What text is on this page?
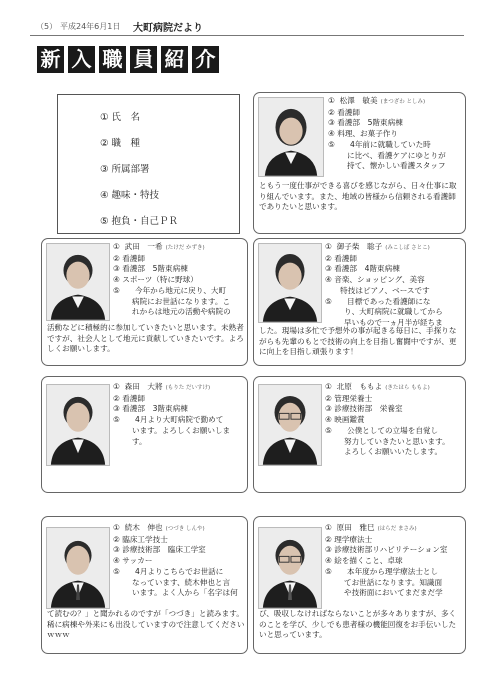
（5） 平成24年6月1日 大町病院だより
新 入 職 員 紹 介
① 氏　名
② 職　種
③ 所属部署
④ 趣味・特技
⑤ 抱負・自己ＰＲ
① 松澤　敏美 (まつざわ としみ)
② 看護師
③ 看護部　5階東病棟
④ 料理、お菓子作り
⑤　　4年前に就職していた時
に比べ、看護ケアにゆとりが
持て、懐かしい看護スタッフ
ともう一度仕事ができる喜びを感じながら、日々仕事に取り組んでいます。また、地域の皆様から信頼される看護師でありたいと思います。
① 武田　一希 (たけだ かずき)
② 看護師
③ 看護部　5階東病棟
④ スポーツ（特に野球）
⑤　　今年から地元に戻り、大町
病院にお世話になります。こ
れからは地元の活動や病院の
活動などに積極的に参加していきたいと思います。未熟者ですが、社会人として地元に貢献していきたいです。よろしくお願いします。
① 御子柴　聡子 (みこしば さとこ)
② 看護師
③ 看護部　4階東病棟
④ 音楽、ショッピング、美容
　　特技はピアノ、ベースです
⑤　　目標であった看護師にな
り、大町病院に就職してから
早いもので一ヵ月半が経ちま
した。現場は多忙で予想外の事が起きる毎日に、手探りながらも先輩のもとで技術の向上を目指し奮闘中ですが、更に向上を目指し頑張ります！
① 森田　大將 (もりた だいすけ)
② 看護師
③ 看護部　3階東病棟
⑤　　4月より大町病院で勤めて
います。よろしくお願いしま
す。
① 北原　ももよ (きたはら ももよ)
② 管理栄養士
③ 診療技術部　栄養室
④ 映画鑑賞
⑤　　公僕としての立場を自覚し
努力していきたいと思います。
よろしくお願いいたします。
① 続木　伸也 (つづき しんや)
② 臨床工学技士
③ 診療技術部　臨床工学室
④ サッカー
⑤　　4月よりこちらでお世話に
なっています、続木伸也と言
います。よく人から「名字は何
て読むの？」と聞かれるのですが「つづき」と読みます。稀に病棟や外来にも出没していますので注意してくださいｗｗｗ
① 原田　雅巳 (はらだ まさみ)
② 理学療法士
③ 診療技術部リハビリテーション室
④ 絵を描くこと、卓球
⑤　　本年度から理学療法士とし
てお世話になります。知識面
や技術面においてまだまだ学
び、吸収しなければならないことが多々ありますが、多くのことを学び、少しでも患者様の機能回復をお手伝いしたいと思っています。
